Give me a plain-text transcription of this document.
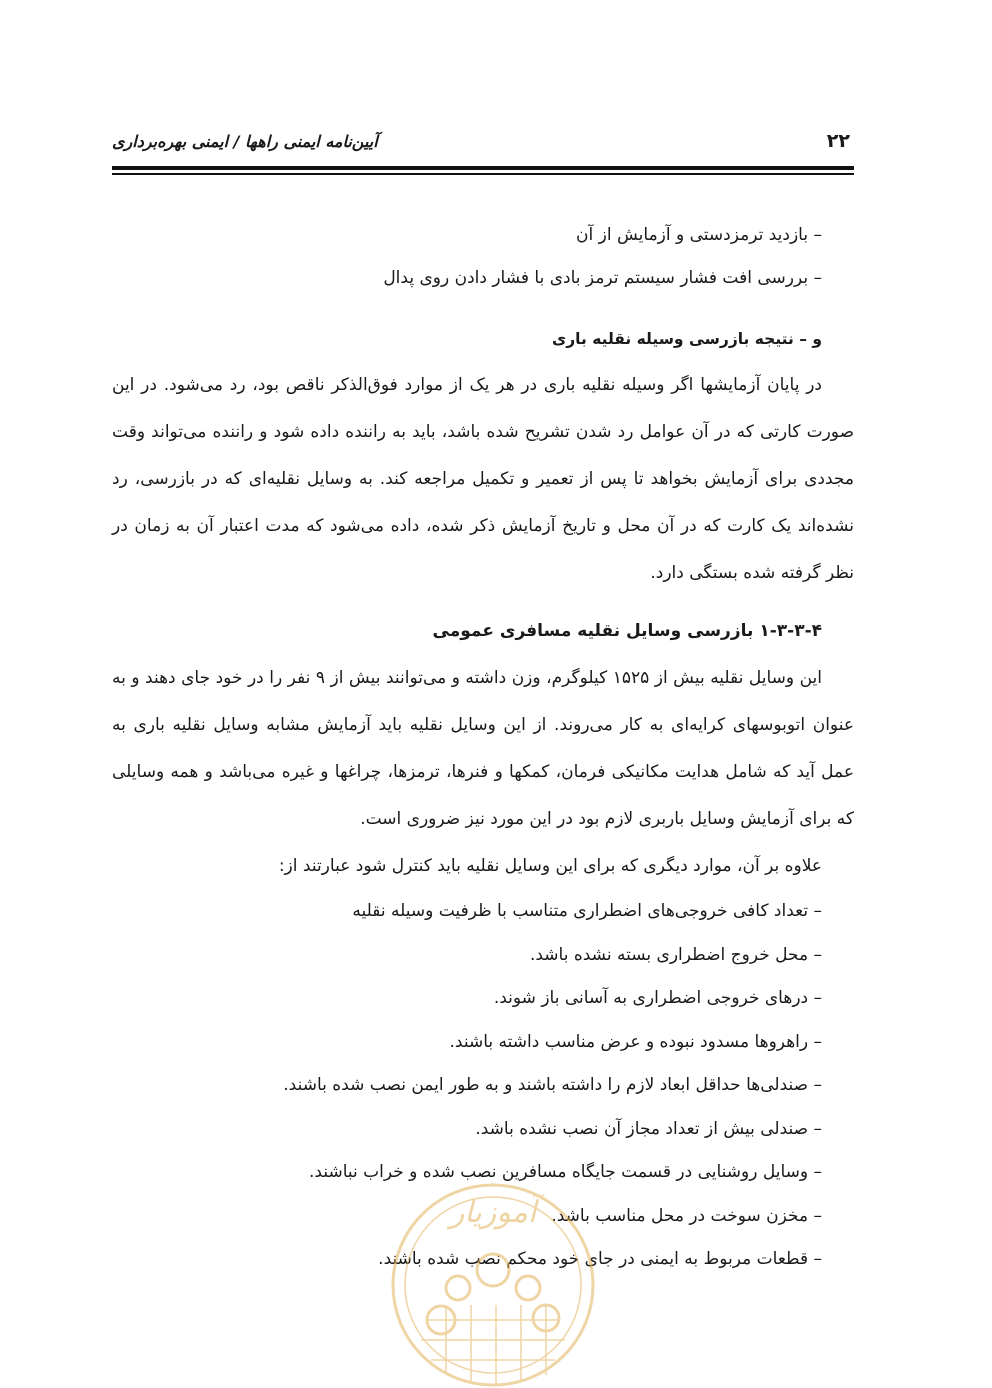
۲۲
آیین‌نامه ایمنی راهها / ایمنی بهره‌برداری
– بازدید ترمزدستی و آزمایش از آن
– بررسی افت فشار سیستم ترمز بادی با فشار دادن روی پدال
و – نتیجه بازرسی وسیله نقلیه باری

در پایان آزمایشها اگر وسیله نقلیه باری در هر یک از موارد فوق‌الذکر ناقص بود، رد می‌شود. در این صورت کارتی که در آن عوامل رد شدن تشریح شده باشد، باید به راننده داده شود و راننده می‌تواند وقت مجددی برای آزمایش بخواهد تا پس از تعمیر و تکمیل مراجعه کند. به وسایل نقلیه‌ای که در بازرسی، رد نشده‌اند یک کارت که در آن محل و تاریخ آزمایش ذکر شده، داده می‌شود که مدت اعتبار آن به زمان در نظر گرفته شده بستگی دارد.

۱-۳-۳-۴ بازرسی وسایل نقلیه مسافری عمومی

این وسایل نقلیه بیش از ۱۵۲۵ کیلوگرم، وزن داشته و می‌توانند بیش از ۹ نفر را در خود جای دهند و به عنوان اتوبوسهای کرایه‌ای به کار می‌روند. از این وسایل نقلیه باید آزمایش مشابه وسایل نقلیه باری به عمل آید که شامل هدایت مکانیکی فرمان، کمکها و فنرها، ترمزها، چراغها و غیره می‌باشد و همه وسایلی که برای آزمایش وسایل باربری لازم بود در این مورد نیز ضروری است.

علاوه بر آن، موارد دیگری که برای این وسایل نقلیه باید کنترل شود عبارتند از:
– تعداد کافی خروجی‌های اضطراری متناسب با ظرفیت وسیله نقلیه
– محل خروج اضطراری بسته نشده باشد.
– درهای خروجی اضطراری به آسانی باز شوند.
– راهروها مسدود نبوده و عرض مناسب داشته باشند.
– صندلی‌ها حداقل ابعاد لازم را داشته باشند و به طور ایمن نصب شده باشند.
– صندلی بیش از تعداد مجاز آن نصب نشده باشد.
– وسایل روشنایی در قسمت جایگاه مسافرین نصب شده و خراب نباشند.
– مخزن سوخت در محل مناسب باشد.
– قطعات مربوط به ایمنی در جای خود محکم نصب شده باشند.
آموزیار
